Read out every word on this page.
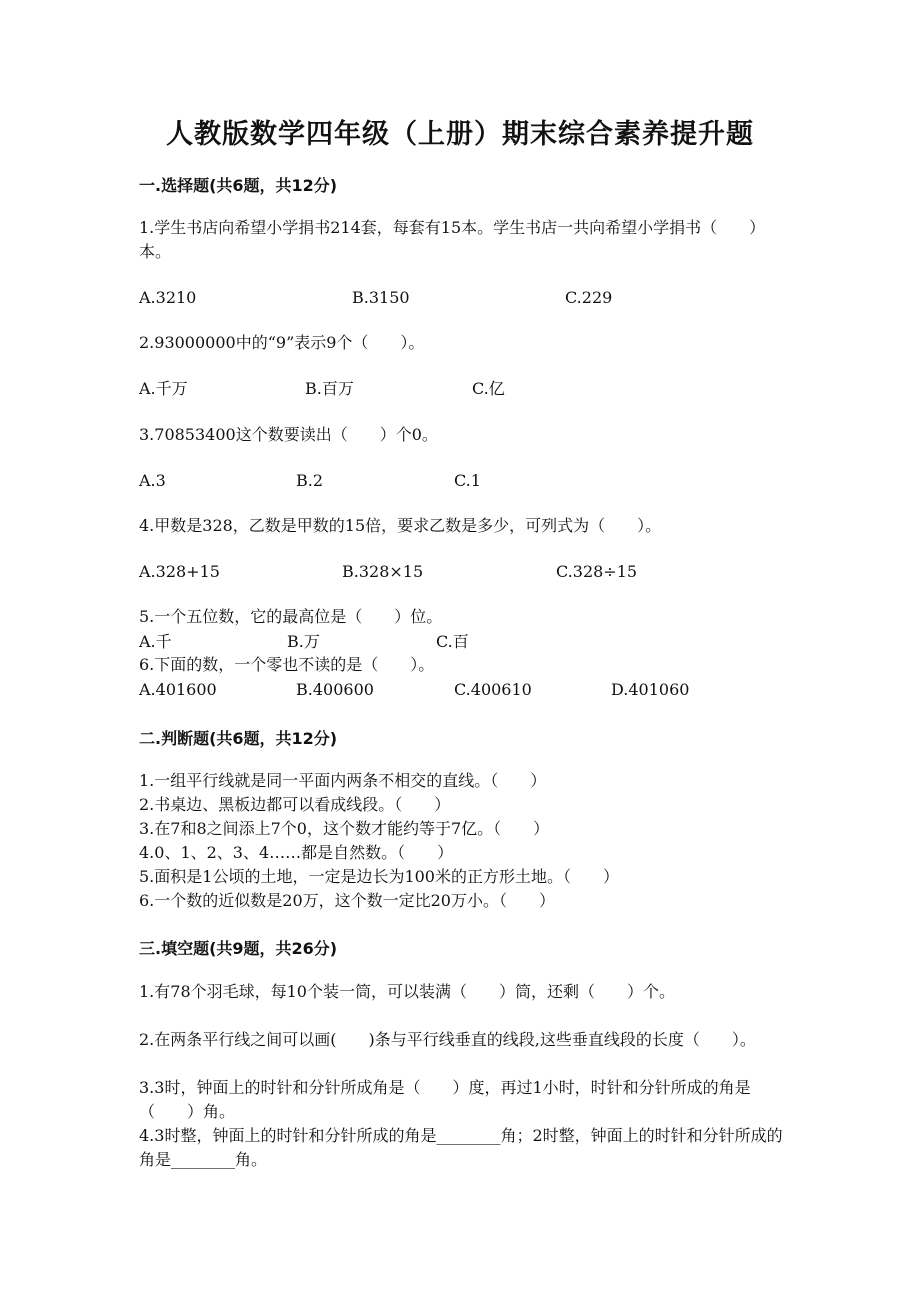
人教版数学四年级（上册）期末综合素养提升题
一.选择题(共6题，共12分)
1.学生书店向希望小学捐书214套，每套有15本。学生书店一共向希望小学捐书（　　）本。
A.3210	B.3150	C.229
2.93000000中的“9”表示9个（　　）。
A.千万	B.百万	C.亿
3.70853400这个数要读出（　　）个0。
A.3	B.2	C.1
4.甲数是328，乙数是甲数的15倍，要求乙数是多少，可列式为（　　）。
A.328+15	B.328×15	C.328÷15
5.一个五位数，它的最高位是（　　）位。
A.千	B.万	C.百
6.下面的数，一个零也不读的是（　　）。
A.401600	B.400600	C.400610	D.401060
二.判断题(共6题，共12分)
1.一组平行线就是同一平面内两条不相交的直线。（　　）
2.书桌边、黑板边都可以看成线段。（　　）
3.在7和8之间添上7个0，这个数才能约等于7亿。（　　）
4.0、1、2、3、4……都是自然数。（　　）
5.面积是1公顷的土地，一定是边长为100米的正方形土地。（　　）
6.一个数的近似数是20万，这个数一定比20万小。（　　）
三.填空题(共9题，共26分)
1.有78个羽毛球，每10个装一筒，可以装满（　　）筒，还剩（　　）个。
2.在两条平行线之间可以画(　　)条与平行线垂直的线段,这些垂直线段的长度（　　）。
3.3时，钟面上的时针和分针所成角是（　　）度，再过1小时，时针和分针所成的角是（　　）角。
4.3时整，钟面上的时针和分针所成的角是________角；2时整，钟面上的时针和分针所成的角是________角。
